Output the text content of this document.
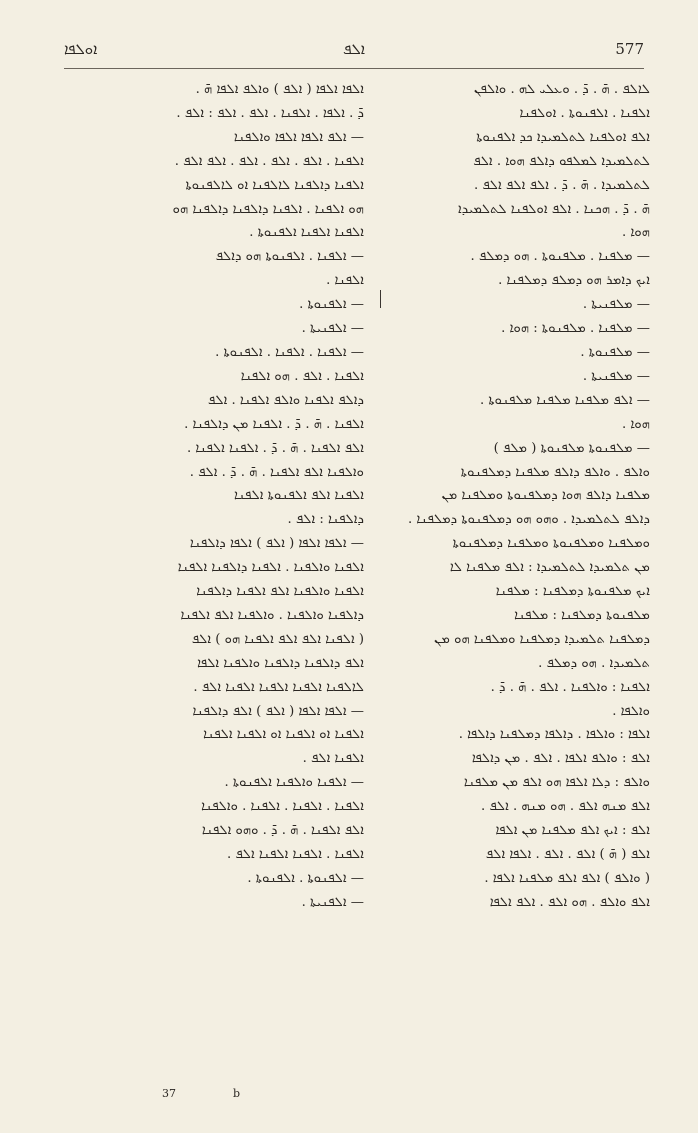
ܐܘܠܦܐ	ܐܠܦ	577
ܠܐܠܦ . ܗ̄ . ܕ̄ . ܘܥܠܝ ܠܗ . ܘܐܠܦܢ
ܐܠܦܢܐ . ܐܠܦܢܘܬܐ . ܐܘܠܦܢܐ
ܐܠܦ ܐܘܠܦܢܐ ܠܬܠܡܝܕܐ ܟܕ ܐܠܦܢܘܬܐ
ܠܬܠܡܝܕܐ ܠܡܠܦܘ ܕܐܠܦ ܗܘܐ . ܐܠܦ
ܠܬܠܡܝܕܐ . ܗ̄ . ܕ̄ . ܐܠܦ ܐܠܦ ܐܠܦ .
ܗ̄ . ܕ̄ . ܗܟܢܐ . ܐܠܦ ܐܘܠܦܢܐ ܠܬܠܡܝܕܐ
ܗܘܐ .
— ܡܠܦܢܐ . ܡܠܦܢܘܬܐ . ܗܘ ܕܡܠܦ .
ܐܝܟ ܕܐܡܪ ܗܘ ܕܡܠܦ ܕܡܠܦܢܐ .
— ܡܠܦܢܝܬܐ .
— ܡܠܦܢܐ . ܡܠܦܢܘܬܐ : ܗܘܐ .
— ܡܠܦܢܘܬܐ .
— ܡܠܦܢܝܬܐ .
— ܐܠܦ ܡܠܦܢܐ ܡܠܦܢܐ ܡܠܦܢܘܬܐ .
ܗܘܐ .
— ܡܠܦܢܘܬܐ ܡܠܦܢܘܬܐ ( ܡܠܦ )
ܘܐܠܦ . ܘܐܠܦ ܕܐܠܦ ܡܠܦܢܐ ܕܡܠܦܢܘܬܐ
ܡܠܦܢܐ ܕܐܠܦ ܗܘܐ ܕܡܠܦܢܘܬܐ ܘܡܠܦܢܐ ܡܢ
ܕܐܠܦ ܠܬܠܡܝܕܐ . ܘܗܘ ܗܘ ܕܡܠܦܢܘܬܐ ܕܡܠܦܢܐ .
ܘܡܠܦܢܐ ܘܡܠܦܢܘܬܐ ܘܡܠܦܢܐ ܕܡܠܦܢܘܬܐ
ܡܢ ܬܠܡܝܕܐ ܠܬܠܡܝܕܐ : ܐܠܦ ܡܠܦܢܐ ܠܐ
ܐܝܟ ܡܠܦܢܘܬܐ ܕܡܠܦܢܐ : ܡܠܦܢܐ
ܡܠܦܢܘܬܐ ܕܡܠܦܢܐ : ܡܠܦܢܐ
ܕܡܠܦܢܐ ܬܠܡܝܕܐ ܕܡܠܦܢܐ ܘܡܠܦܢܐ ܗܘ ܡܢ
ܬܠܡܝܕܐ . ܗܘ ܕܡܠܦ .
ܐܠܦܢܐ : ܘܐܠܦܢܐ . ܐܠܦ . ܗ̄ . ܕ̄ .
ܘܐܠܦܐ .
ܐܠܦܐ : ܘܐܠܦܐ . ܕܐܠܦܐ ܕܡܠܦܢܐ ܕܐܠܦܐ .
ܐܠܦ : ܘܐܠܦ ܐܠܦܐ . ܐܠܦ . ܡܢ ܕܐܠܦܐ
ܘܐܠܦ : ܕܠܐ ܐܠܦܐ ܗܘ ܐܠܦ ܡܢ ܡܠܦܢܐ
ܐܠܦ ܡܢܗ ܐܠܦ . ܗܘ ܡܢܗ . ܐܠܦ .
ܐܠܦ : ܐܝܟ ܐܠܦ ܡܠܦܢܐ ܡܢ ܐܠܦܐ
ܐܠܦ ( ܗ̄ ) ܐܠܦ . ܐܠܦ . ܐܠܦܐ ܐܠܦ
( ܘܐܠܦ ) ܐܠܦ ܐܠܦ ܡܠܦܢܐ ܐܠܦܐ .
ܐܠܦ ܘܐܠܦ . ܗܘ ܐܠܦ . ܐܠܦ ܐܠܦܐ
ܐܠܦܐ ܐܠܦܐ ( ܐܠܦ ) ܘܐܠܦ ܐܠܦܐ ܗ̄ .
ܕ̄ . ܐܠܦܐ . ܐܠܦܢܐ . ܐܠܦ . ܐܠܦ : ܐܠܦ .
— ܐܠܦ ܐܠܦܐ ܐܠܦܐ ܘܐܠܦܢܐ
ܐܠܦܢܐ . ܐܠܦ . ܐܠܦ . ܐܠܦ . ܐܠܦ ܐܠܦ .
ܐܠܦܢܐ ܕܐܠܦܢܐ ܠܐܠܦܢܐ ܐܘ ܠܐܠܦܢܘܬܐ
ܗܘ ܐܠܦܢܐ . ܐܠܦܢܐ ܕܐܠܦܢܐ ܕܐܠܦܢܐ ܗܘ
ܐܠܦܢܐ ܐܠܦܢܐ ܐܠܦܢܘܬܐ .
— ܐܠܦܢܐ . ܐܠܦܢܘܬܐ ܗܘ ܕܐܠܦ
ܐܠܦܢܐ .
— ܐܠܦܢܘܬܐ .
— ܐܠܦܢܝܬܐ .
— ܐܠܦܢܐ . ܐܠܦܢܐ . ܐܠܦܢܘܬܐ .
ܐܠܦܢܐ . ܐܠܦ . ܗܘ ܐܠܦܢܐ
ܕܐܠܦ ܐܠܦܢܐ ܘܐܠܦ ܐܠܦܢܐ . ܐܠܦ
ܐܠܦܢܐ . ܗ̄ . ܕ̄ . ܐܠܦܢܐ ܡܢ ܕܐܠܦܢܐ .
ܐܠܦ ܐܠܦܢܐ . ܗ̄ . ܕ̄ . ܐܠܦܢܐ ܐܠܦܢܐ .
ܘܐܠܦܢܐ ܐܠܦ ܐܠܦܢܐ . ܗ̄ . ܕ̄ . ܐܠܦ .
ܐܠܦܢܐ ܐܠܦ ܐܠܦܢܘܬܐ ܐܠܦܢܐ
ܕܐܠܦܢܐ : ܐܠܦ .
— ܐܠܦܐ ܐܠܦܐ ( ܐܠܦ ) ܐܠܦܐ ܕܐܠܦܢܐ
ܐܠܦܢܐ ܘܐܠܦܢܐ . ܐܠܦܢܐ ܕܐܠܦܢܐ ܐܠܦܢܐ
ܐܠܦܢܐ ܘܐܠܦܢܐ ܐܠܦ ܐܠܦܢܐ ܕܐܠܦܢܐ
ܕܐܠܦܢܐ ܘܐܠܦܢܐ . ܘܐܠܦܢܐ ܐܠܦ ܐܠܦܢܐ
( ܐܠܦܢܐ ܐܠܦ ܐܠܦ ܐܠܦܢܐ ܗܘ ) ܐܠܦ
ܐܠܦ ܕܐܠܦܢܐ ܕܐܠܦܢܐ ܘܐܠܦܢܐ ܐܠܦܐ
ܠܐܠܦܢܐ ܐܠܦܢܐ ܐܠܦܢܐ ܐܠܦܢܐ ܐܠܦ .
— ܐܠܦܐ ܐܠܦܐ ( ܐܠܦ ) ܐܠܦ ܕܐܠܦܢܐ
ܐܠܦܢܐ ܐܘ ܐܠܦܢܐ ܐܘ ܐܠܦܢܐ ܐܠܦܢܐ
ܐܠܦܢܐ ܐܠܦ .
— ܐܠܦܢܐ ܘܐܠܦܢܐ ܐܠܦܢܘܬܐ .
ܐܠܦܢܐ . ܐܠܦܢܐ . ܐܠܦܢܐ . ܘܐܠܦܢܐ
ܐܠܦ ܐܠܦܢܐ . ܗ̄ . ܕ̄ . ܘܗܘ ܐܠܦܢܐ
ܐܠܦܢܐ . ܐܠܦܢܐ ܐܠܦܢܐ ܐܠܦ .
— ܐܠܦܢܘܬܐ . ܐܠܦܢܘܬܐ .
— ܐܠܦܢܝܬܐ .
37	b
